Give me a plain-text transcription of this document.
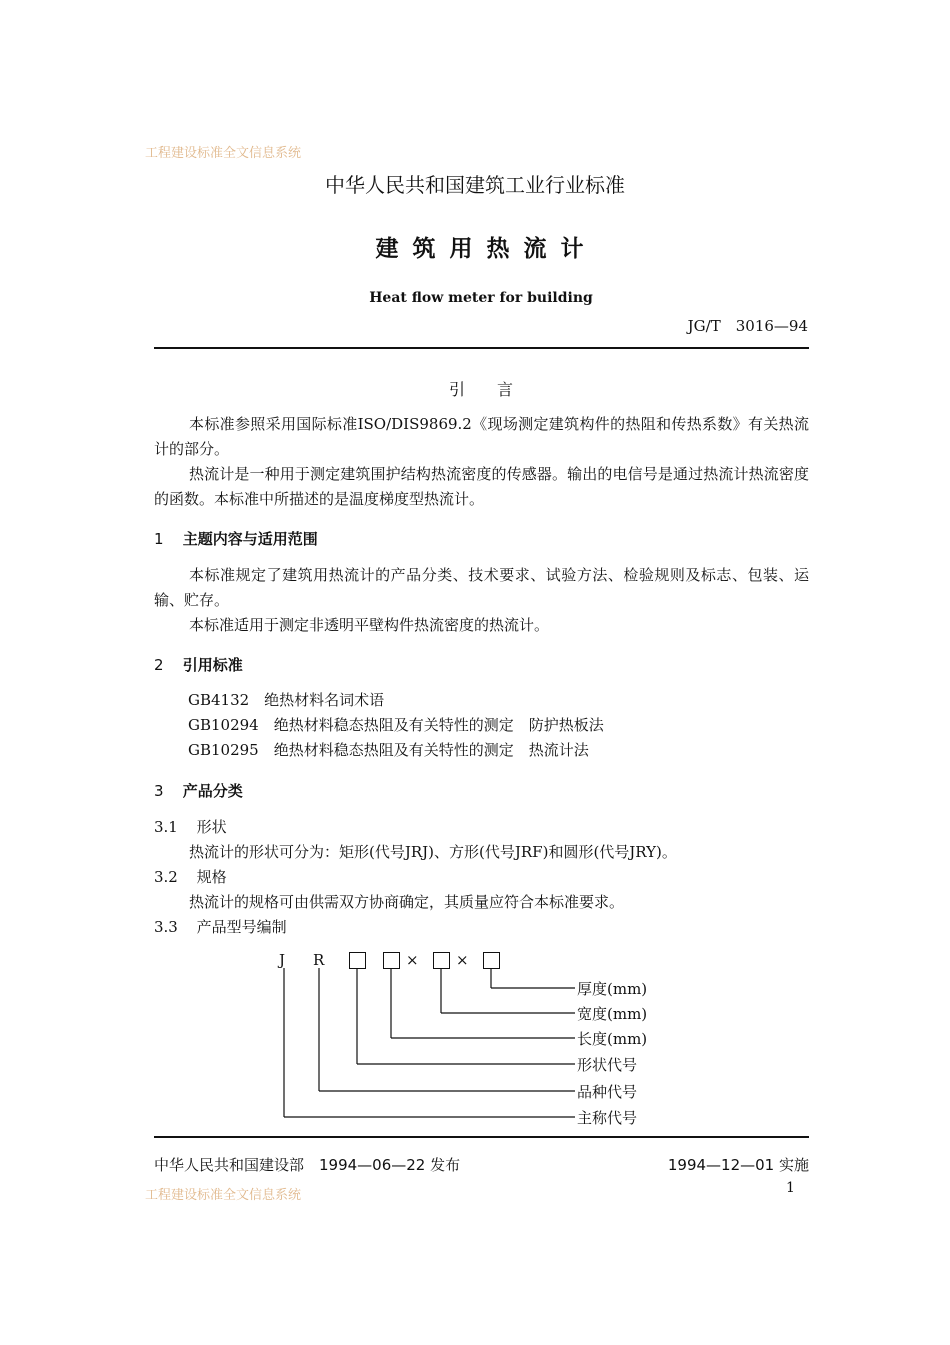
工程建设标准全文信息系统
中华人民共和国建筑工业行业标准
建 筑 用 热 流 计
Heat flow meter for building
JG/T　3016—94
引　　言
本标准参照采用国际标准ISO/DIS9869.2《现场测定建筑构件的热阻和传热系数》有关热流计的部分。
热流计是一种用于测定建筑围护结构热流密度的传感器。输出的电信号是通过热流计热流密度的函数。本标准中所描述的是温度梯度型热流计。
1 主题内容与适用范围
本标准规定了建筑用热流计的产品分类、技术要求、试验方法、检验规则及标志、包装、运输、贮存。
本标准适用于测定非透明平壁构件热流密度的热流计。
2 引用标准
GB4132　绝热材料名词术语
GB10294　绝热材料稳态热阻及有关特性的测定　防护热板法
GB10295　绝热材料稳态热阻及有关特性的测定　热流计法
3 产品分类
3.1 形状
热流计的形状可分为：矩形(代号JRJ)、方形(代号JRF)和圆形(代号JRY)。
3.2 规格
热流计的规格可由供需双方协商确定，其质量应符合本标准要求。
3.3 产品型号编制
J R	× ×
厚度(mm)
宽度(mm)
长度(mm)
形状代号
品种代号
主称代号
中华人民共和国建设部　1994—06—22 发布	1994—12—01 实施
工程建设标准全文信息系统	1
